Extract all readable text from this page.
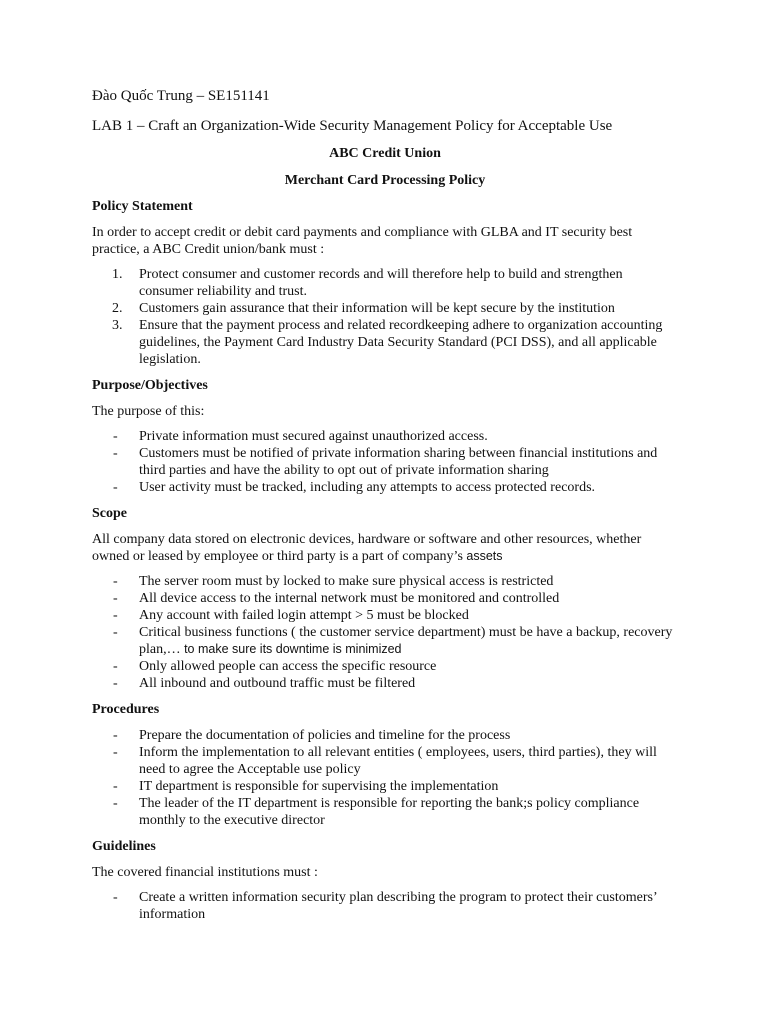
Đào Quốc Trung – SE151141

LAB 1 – Craft an Organization-Wide Security Management Policy for Acceptable Use

ABC Credit Union

Merchant Card Processing Policy

Policy Statement

In order to accept credit or debit card payments and compliance with GLBA and IT security best practice, a ABC Credit union/bank must :

1. Protect consumer and customer records and will therefore help to build and strengthen consumer reliability and trust.
2. Customers gain assurance that their information will be kept secure by the institution
3. Ensure that the payment process and related recordkeeping adhere to organization accounting guidelines, the Payment Card Industry Data Security Standard (PCI DSS), and all applicable legislation.

Purpose/Objectives

The purpose of this:

- Private information must secured against unauthorized access.
- Customers must be notified of private information sharing between financial institutions and third parties and have the ability to opt out of private information sharing
- User activity must be tracked, including any attempts to access protected records.

Scope

All company data stored on electronic devices, hardware or software and other resources, whether owned or leased by employee or third party is a part of company’s assets

- The server room must by locked to make sure physical access is restricted
- All device access to the internal network must be monitored and controlled
- Any account with failed login attempt > 5 must be blocked
- Critical business functions ( the customer service department) must be have a backup, recovery plan,… to make sure its downtime is minimized
- Only allowed people can access the specific resource
- All inbound and outbound traffic must be filtered

Procedures

- Prepare the documentation of policies and timeline for the process
- Inform the implementation to all relevant entities ( employees, users, third parties), they will need to agree the Acceptable use policy
- IT department is responsible for supervising the implementation
- The leader of the IT department is responsible for reporting the bank;s policy compliance monthly to the executive director

Guidelines

The covered financial institutions must :

- Create a written information security plan describing the program to protect their customers’ information
